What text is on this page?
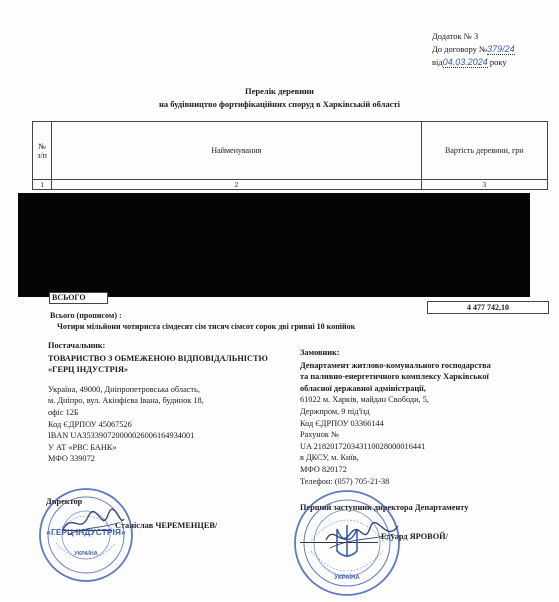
Додаток № 3
До договору №379/24
від04.03.2024 року
Перелік деревини
на будівництво фортифікаційних споруд в Харківській області
№ з/п	Найменування	Вартість деревини, грн
1	2	3
ВСЬОГО
4 477 742,10
Всього (прописом) :
Чотири мільйони чотириста сімдесят сім тисяч сімсот сорок дві гривні 10 копійок
Постачальник:
ТОВАРИСТВО З ОБМЕЖЕНОЮ ВІДПОВІДАЛЬНІСТЮ
«ГЕРЦ ІНДУСТРІЯ»
Україна, 49000, Дніпропетровська область,
м. Дніпро, вул. Акінфієва Івана, будинок 18,
офіс 12Б
Код ЄДРПОУ 45067526
IBAN UA353390720000026006164934001
У АТ «РВС БАНК»
МФО 339072
Замовник:
Департамент житлово-комунального господарства
та паливно-енергетичного комплексу Харківської
обласної державної адміністрації,
61022 м. Харків, майдан Свободи, 5,
Держпром, 9 під'їзд
Код ЄДРПОУ 03366144
Рахунок №
UA 218201720343110028000016441
в ДКСУ, м. Київ,
МФО 820172
Телефон: (057) 705-21-38
Директор
Станіслав ЧЕРЕМЕНЦЕВ/
Перший заступник директора Департаменту
Едуард ЯРОВОЙ/
«ГЕРЦ ІНДУСТРІЯ»
УКРАЇНА
УКРАЇНА
